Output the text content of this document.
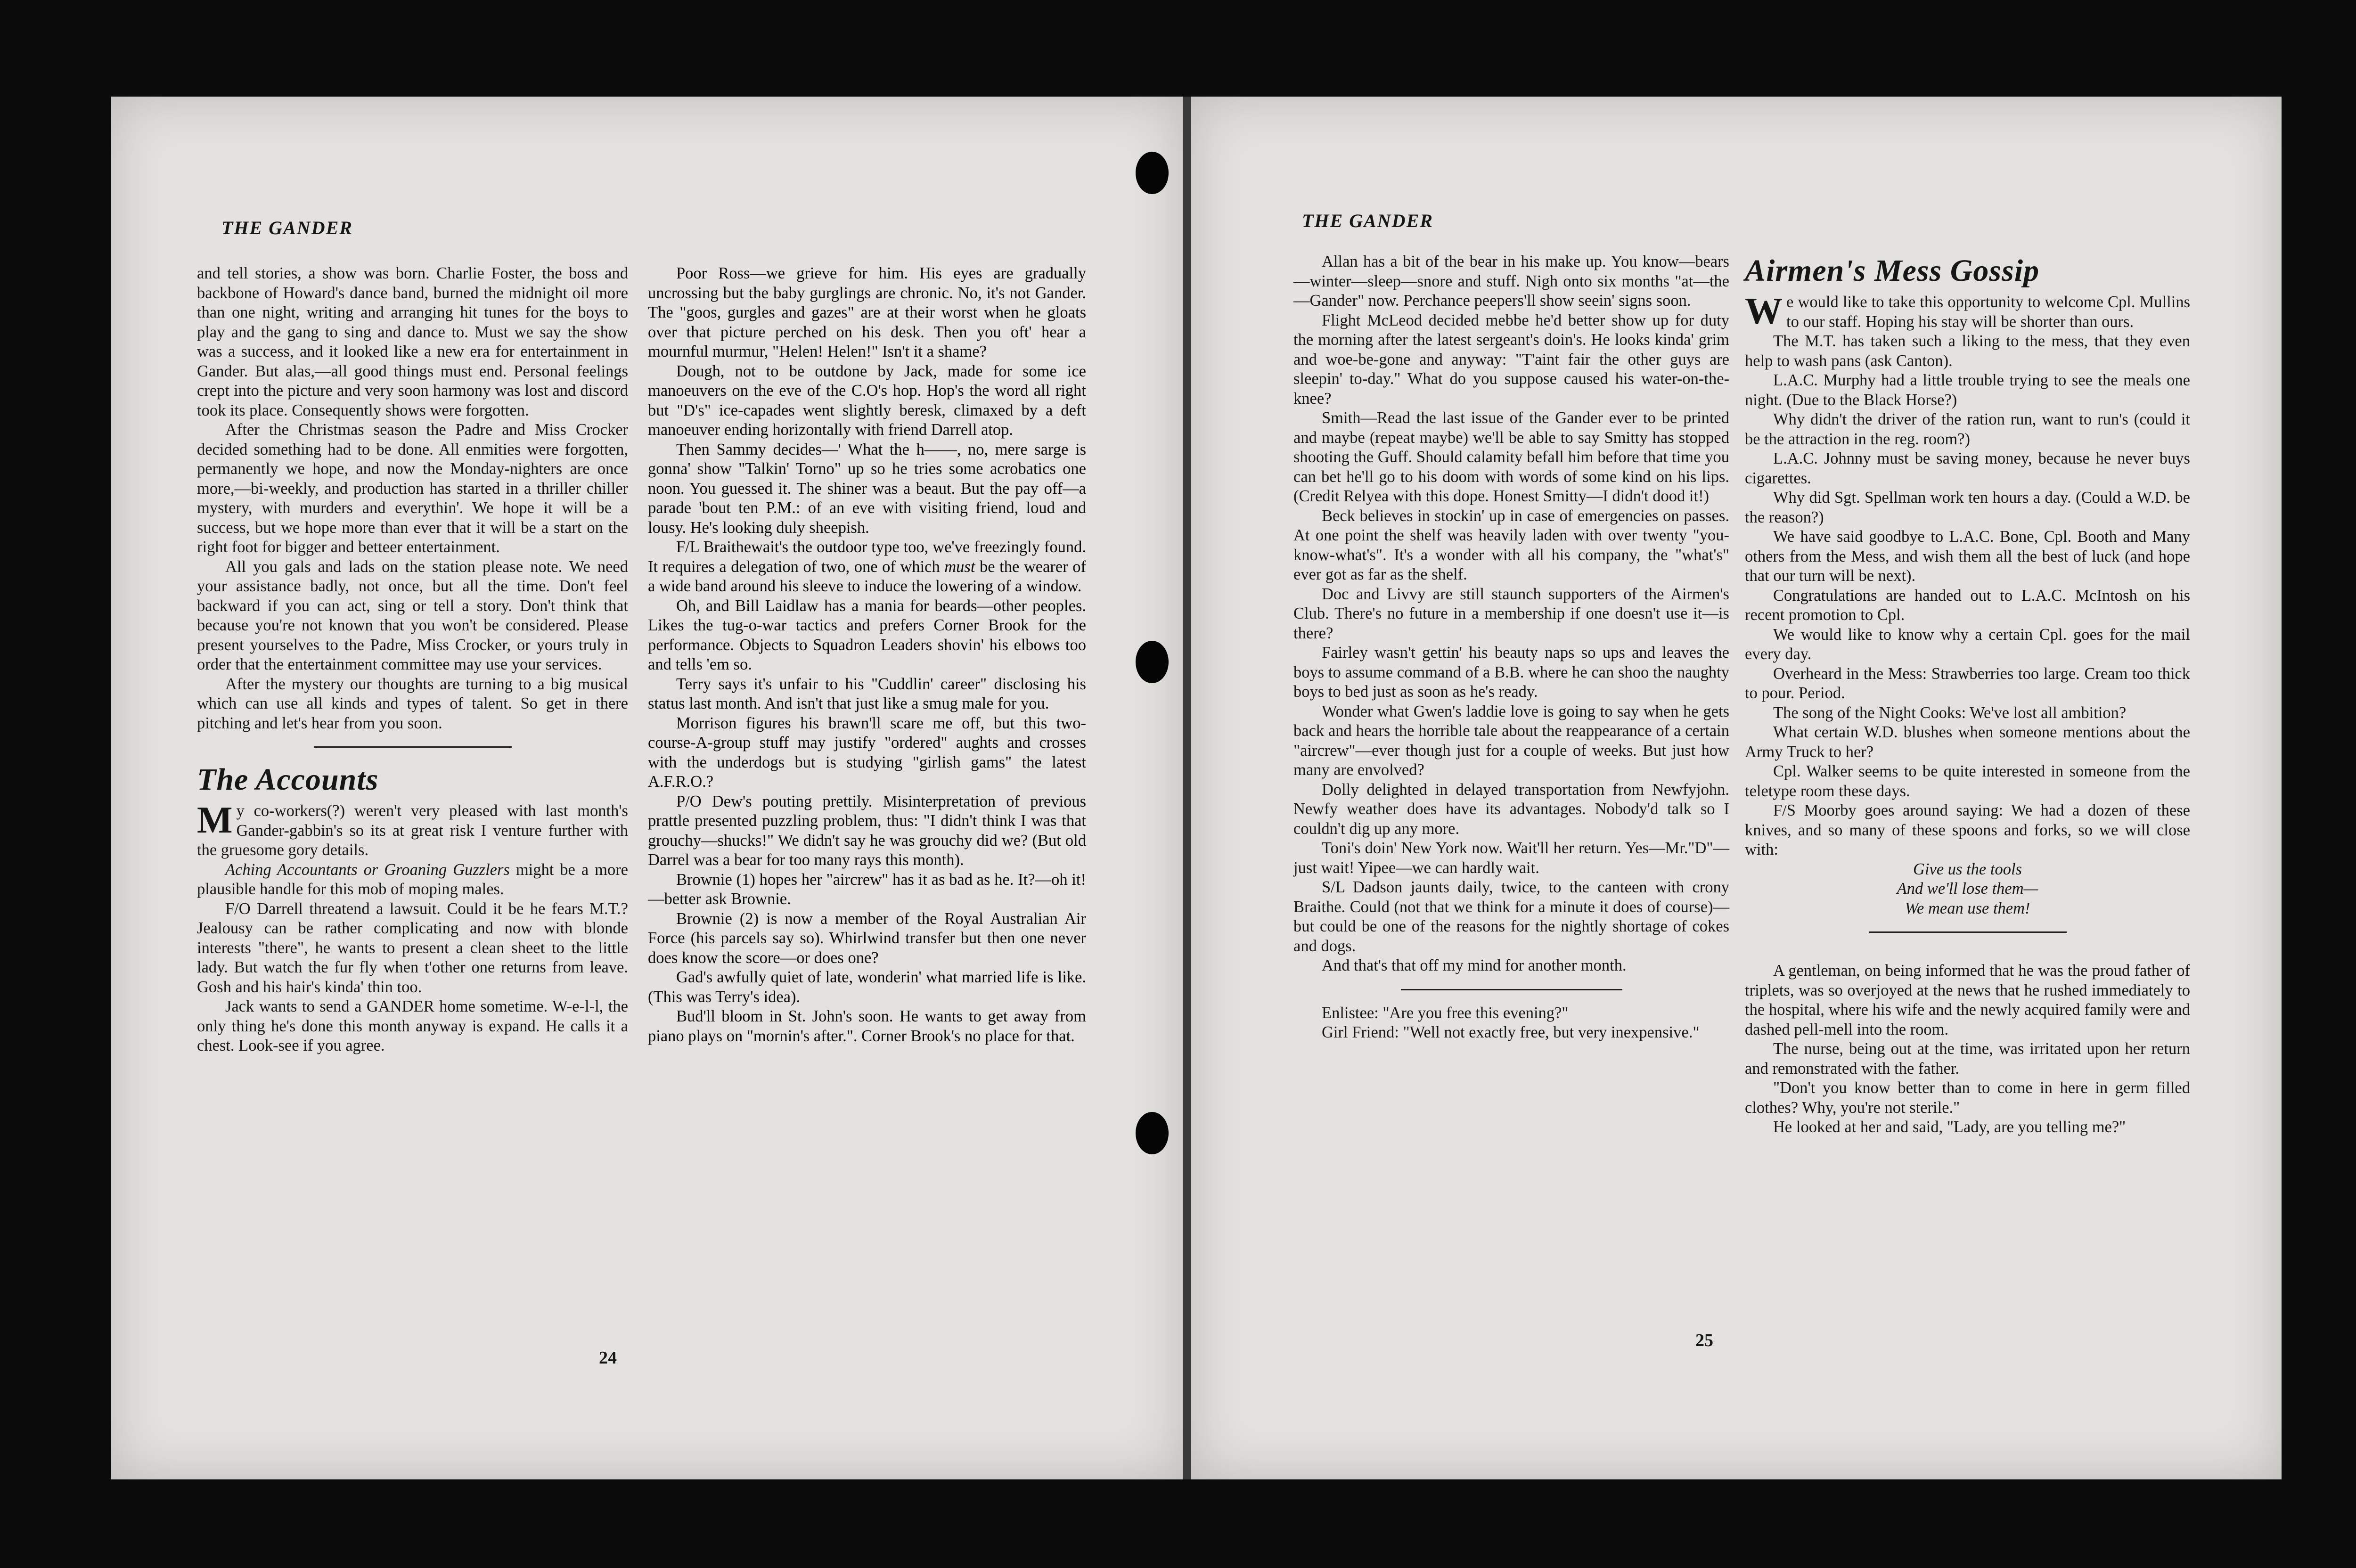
THE GANDER

and tell stories, a show was born. Charlie Foster, the boss and backbone of Howard's dance band, burned the midnight oil more than one night, writing and arranging hit tunes for the boys to play and the gang to sing and dance to. Must we say the show was a success, and it looked like a new era for entertainment in Gander. But alas,—all good things must end. Personal feelings crept into the picture and very soon harmony was lost and discord took its place. Consequently shows were forgotten.

After the Christmas season the Padre and Miss Crocker decided something had to be done. All enmities were forgotten, permanently we hope, and now the Monday-nighters are once more,—bi-weekly, and production has started in a thriller chiller mystery, with murders and everythin'. We hope it will be a success, but we hope more than ever that it will be a start on the right foot for bigger and betteer entertainment.

All you gals and lads on the station please note. We need your assistance badly, not once, but all the time. Don't feel backward if you can act, sing or tell a story. Don't think that because you're not known that you won't be considered. Please present yourselves to the Padre, Miss Crocker, or yours truly in order that the entertainment committee may use your services.

After the mystery our thoughts are turning to a big musical which can use all kinds and types of talent. So get in there pitching and let's hear from you soon.

The Accounts

My co-workers(?) weren't very pleased with last month's Gander-gabbin's so its at great risk I venture further with the gruesome gory details.

Aching Accountants or Groaning Guzzlers might be a more plausible handle for this mob of moping males.

F/O Darrell threatend a lawsuit. Could it be he fears M.T.? Jealousy can be rather complicating and now with blonde interests "there", he wants to present a clean sheet to the little lady. But watch the fur fly when t'other one returns from leave. Gosh and his hair's kinda' thin too.

Jack wants to send a GANDER home sometime. W-e-l-l, the only thing he's done this month anyway is expand. He calls it a chest. Look-see if you agree.

Poor Ross—we grieve for him. His eyes are gradually uncrossing but the baby gurglings are chronic. No, it's not Gander. The "goos, gurgles and gazes" are at their worst when he gloats over that picture perched on his desk. Then you oft' hear a mournful murmur, "Helen! Helen!" Isn't it a shame?

Dough, not to be outdone by Jack, made for some ice manoeuvers on the eve of the C.O's hop. Hop's the word all right but "D's" ice-capades went slightly beresk, climaxed by a deft manoeuver ending horizontally with friend Darrell atop.

Then Sammy decides—' What the h——, no, mere sarge is gonna' show "Talkin' Torno" up so he tries some acrobatics one noon. You guessed it. The shiner was a beaut. But the pay off—a parade 'bout ten P.M.: of an eve with visiting friend, loud and lousy. He's looking duly sheepish.

F/L Braithewait's the outdoor type too, we've freezingly found. It requires a delegation of two, one of which must be the wearer of a wide band around his sleeve to induce the lowering of a window.

Oh, and Bill Laidlaw has a mania for beards—other peoples. Likes the tug-o-war tactics and prefers Corner Brook for the performance. Objects to Squadron Leaders shovin' his elbows too and tells 'em so.

Terry says it's unfair to his "Cuddlin' career" disclosing his status last month. And isn't that just like a smug male for you.

Morrison figures his brawn'll scare me off, but this two-course-A-group stuff may justify "ordered" aughts and crosses with the underdogs but is studying "girlish gams" the latest A.F.R.O.?

P/O Dew's pouting prettily. Misinterpretation of previous prattle presented puzzling problem, thus: "I didn't think I was that grouchy—shucks!" We didn't say he was grouchy did we? (But old Darrel was a bear for too many rays this month).

Brownie (1) hopes her "aircrew" has it as bad as he. It?—oh it!—better ask Brownie.

Brownie (2) is now a member of the Royal Australian Air Force (his parcels say so). Whirlwind transfer but then one never does know the score—or does one?

Gad's awfully quiet of late, wonderin' what married life is like. (This was Terry's idea).

Bud'll bloom in St. John's soon. He wants to get away from piano plays on "mornin's after.". Corner Brook's no place for that.

24
THE GANDER

Allan has a bit of the bear in his make up. You know—bears—winter—sleep—snore and stuff. Nigh onto six months "at—the—Gander" now. Perchance peepers'll show seein' signs soon.

Flight McLeod decided mebbe he'd better show up for duty the morning after the latest sergeant's doin's. He looks kinda' grim and woe-be-gone and anyway: "T'aint fair the other guys are sleepin' to-day." What do you suppose caused his water-on-the-knee?

Smith—Read the last issue of the Gander ever to be printed and maybe (repeat maybe) we'll be able to say Smitty has stopped shooting the Guff. Should calamity befall him before that time you can bet he'll go to his doom with words of some kind on his lips. (Credit Relyea with this dope. Honest Smitty—I didn't dood it!)

Beck believes in stockin' up in case of emergencies on passes. At one point the shelf was heavily laden with over twenty "you-know-what's". It's a wonder with all his company, the "what's" ever got as far as the shelf.

Doc and Livvy are still staunch supporters of the Airmen's Club. There's no future in a membership if one doesn't use it—is there?

Fairley wasn't gettin' his beauty naps so ups and leaves the boys to assume command of a B.B. where he can shoo the naughty boys to bed just as soon as he's ready.

Wonder what Gwen's laddie love is going to say when he gets back and hears the horrible tale about the reappearance of a certain "aircrew"—ever though just for a couple of weeks. But just how many are envolved?

Dolly delighted in delayed transportation from Newfyjohn. Newfy weather does have its advantages. Nobody'd talk so I couldn't dig up any more.

Toni's doin' New York now. Wait'll her return. Yes—Mr."D"—just wait! Yipee—we can hardly wait.

S/L Dadson jaunts daily, twice, to the canteen with crony Braithe. Could (not that we think for a minute it does of course)—but could be one of the reasons for the nightly shortage of cokes and dogs.

And that's that off my mind for another month.

Enlistee: "Are you free this evening?"

Girl Friend: "Well not exactly free, but very inexpensive."

Airmen's Mess Gossip

We would like to take this opportunity to welcome Cpl. Mullins to our staff. Hoping his stay will be shorter than ours.

The M.T. has taken such a liking to the mess, that they even help to wash pans (ask Canton).

L.A.C. Murphy had a little trouble trying to see the meals one night. (Due to the Black Horse?)

Why didn't the driver of the ration run, want to run's (could it be the attraction in the reg. room?)

L.A.C. Johnny must be saving money, because he never buys cigarettes.

Why did Sgt. Spellman work ten hours a day. (Could a W.D. be the reason?)

We have said goodbye to L.A.C. Bone, Cpl. Booth and Many others from the Mess, and wish them all the best of luck (and hope that our turn will be next).

Congratulations are handed out to L.A.C. McIntosh on his recent promotion to Cpl.

We would like to know why a certain Cpl. goes for the mail every day.

Overheard in the Mess: Strawberries too large. Cream too thick to pour. Period.

The song of the Night Cooks: We've lost all ambition?

What certain W.D. blushes when someone mentions about the Army Truck to her?

Cpl. Walker seems to be quite interested in someone from the teletype room these days.

F/S Moorby goes around saying: We had a dozen of these knives, and so many of these spoons and forks, so we will close with:

Give us the tools

And we'll lose them—

We mean use them!

A gentleman, on being informed that he was the proud father of triplets, was so overjoyed at the news that he rushed immediately to the hospital, where his wife and the newly acquired family were and dashed pell-mell into the room.

The nurse, being out at the time, was irritated upon her return and remonstrated with the father.

"Don't you know better than to come in here in germ filled clothes? Why, you're not sterile."

He looked at her and said, "Lady, are you telling me?"

25
